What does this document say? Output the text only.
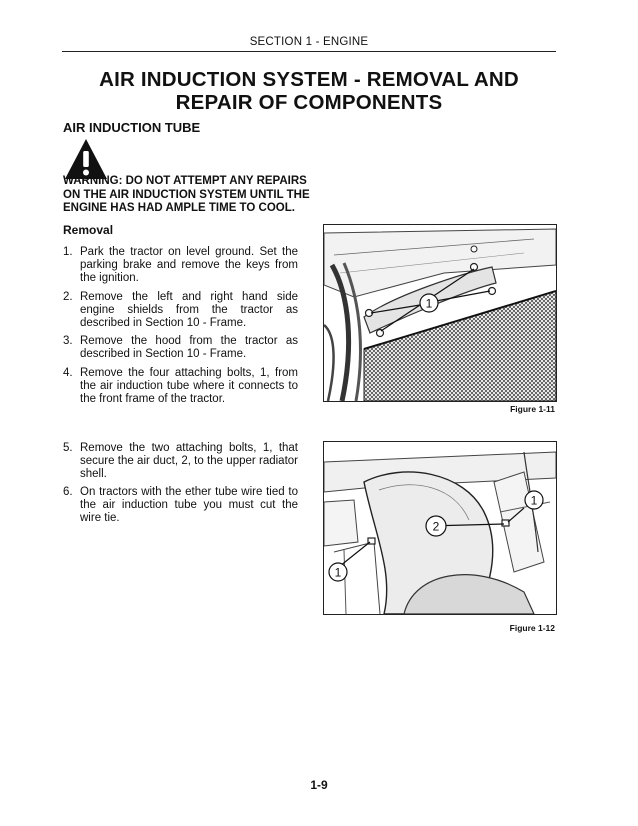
SECTION 1 - ENGINE
AIR INDUCTION SYSTEM - REMOVAL AND
REPAIR OF COMPONENTS
AIR INDUCTION TUBE
WARNING: DO NOT ATTEMPT ANY REPAIRS
ON THE AIR INDUCTION SYSTEM UNTIL THE
ENGINE HAS HAD AMPLE TIME TO COOL.
Removal
1. Park the tractor on level ground. Set the parking brake and remove the keys from the ignition.
2. Remove the left and right hand side engine shields from the tractor as described in Section 10 - Frame.
3. Remove the hood from the tractor as described in Section 10 - Frame.
4. Remove the four attaching bolts, 1, from the air induction tube where it connects to the front frame of the tractor.
5. Remove the two attaching bolts, 1, that secure the air duct, 2, to the upper radiator shell.
6. On tractors with the ether tube wire tied to the air induction tube you must cut the wire tie.
1
Figure 1-11
1
2
1
Figure 1-12
1-9
